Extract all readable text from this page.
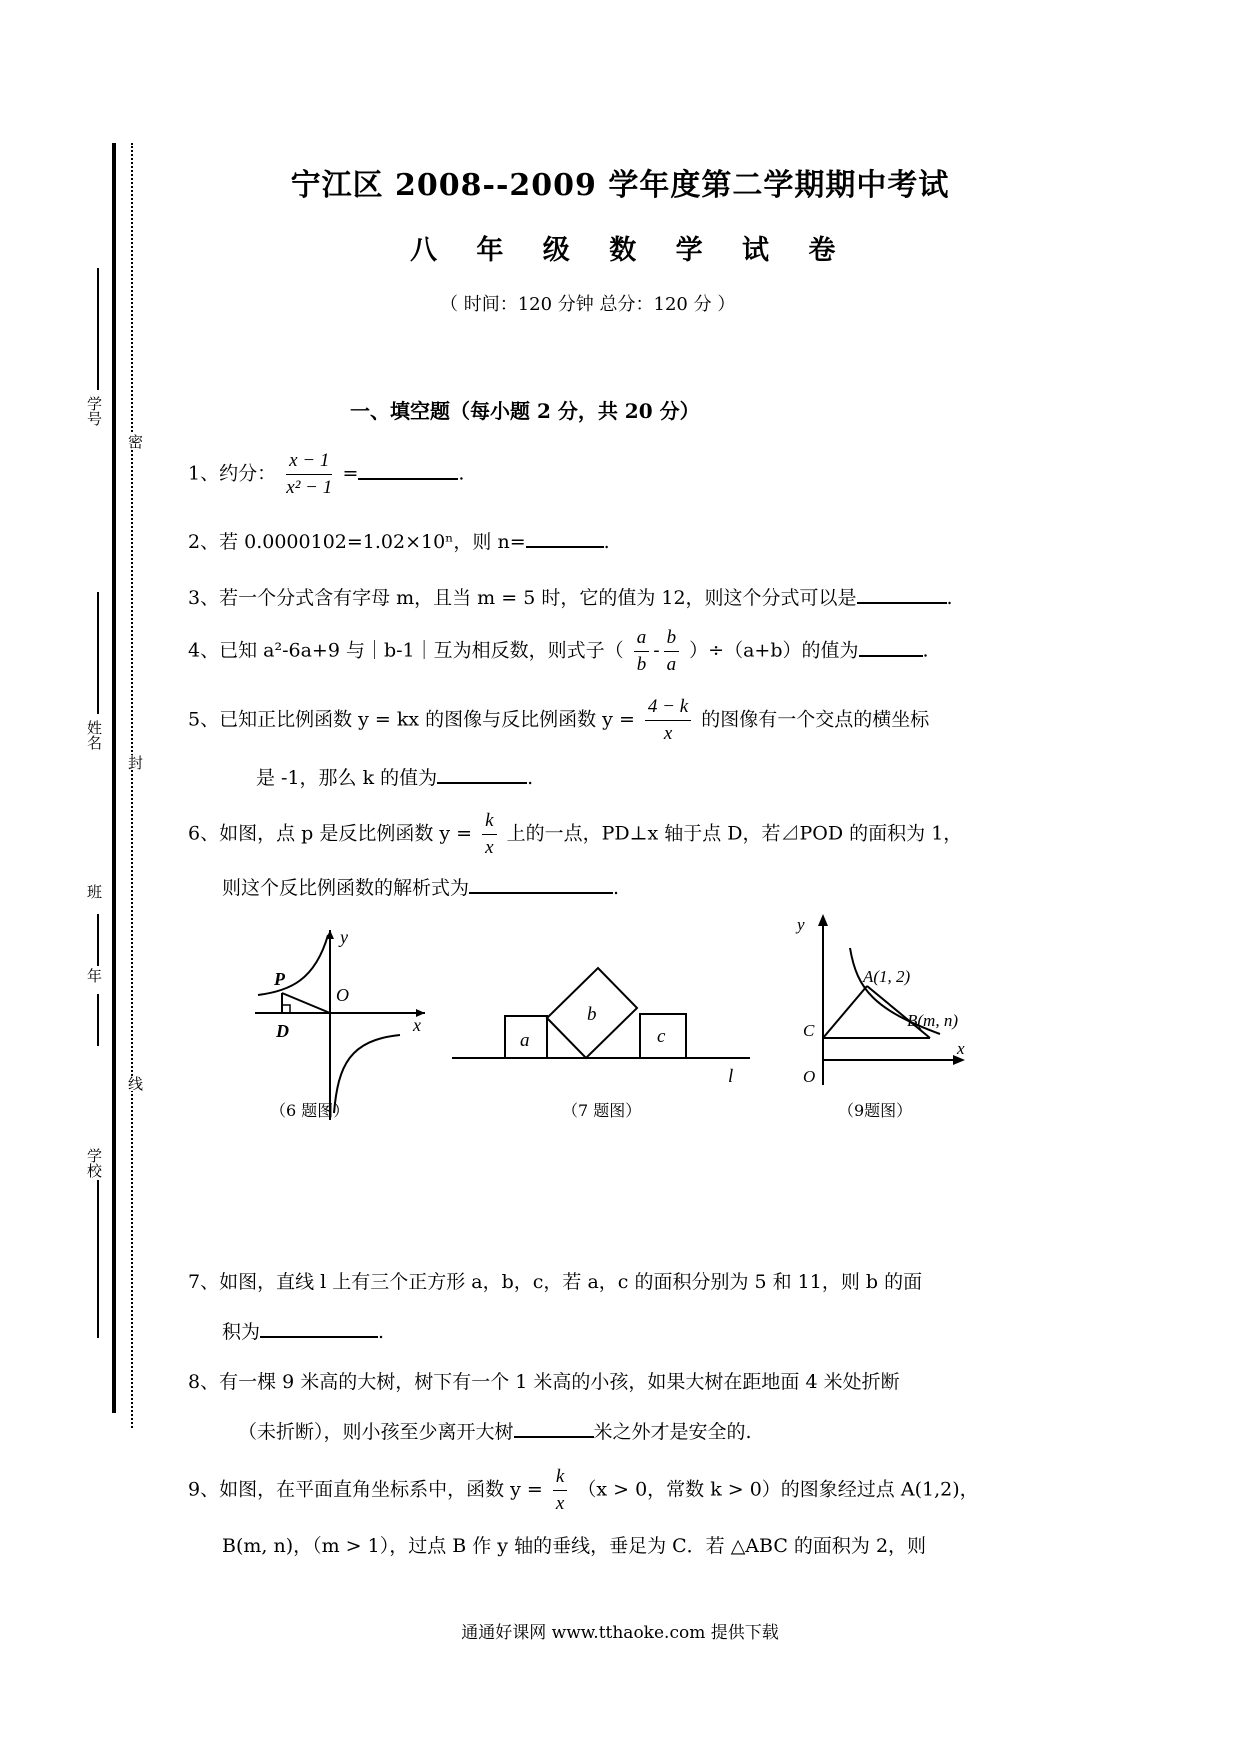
学号
姓名
班
年
学校
密
封
线
宁江区 2008--2009 学年度第二学期期中考试
八 年 级 数 学 试 卷
（ 时间：120 分钟 总分：120 分 ）
一、填空题（每小题 2 分，共 20 分）
1、约分： $\frac{x - 1}{\text{x² − 1}}$ =	.
2、若 0.0000102=1.02×10ⁿ，则 n=	.
3、若一个分式含有字母 m，且当 m = 5 时，它的值为 12，则这个分式可以是	.
4、已知 a²-6a+9 与｜b-1｜互为相反数，则式子（ $\frac{a}{b} - \frac{b}{a} )\div(a+b)$的值为	.
5、已知正比例函数 y = kx 的图像与反比例函数 $y = \frac{4 - k}{x}$ 的图像有一个交点的横坐标
是 -1，那么 k 的值为	.
6、如图，点 p 是反比例函数 $y = \frac{k}{x}$ 上的一点，PD⊥x 轴于点 D，若⊿POD 的面积为 1，
则这个反比例函数的解析式为	.
y
x
O
P
D
（6 题图）
a
b
c
l
（7 题图）
y
x
O
C
A(1, 2)
B(m, n)
（9题图）
7、如图，直线 l 上有三个正方形 a，b，c，若 a，c 的面积分别为 5 和 11，则 b 的面
积为	.
8、有一棵 9 米高的大树，树下有一个 1 米高的小孩，如果大树在距地面 4 米处折断
（未折断），则小孩至少离开大树	米之外才是安全的.
9、如图，在平面直角坐标系中，函数 $y = \frac{k}{x} (x > 0$，常数 k > 0）的图象经过点 A(1,2)，
B(m, n)，（m > 1），过点 B 作 y 轴的垂线，垂足为 C．若 △ABC 的面积为 2，则
通通好课网 www.tthaoke.com 提供下载
